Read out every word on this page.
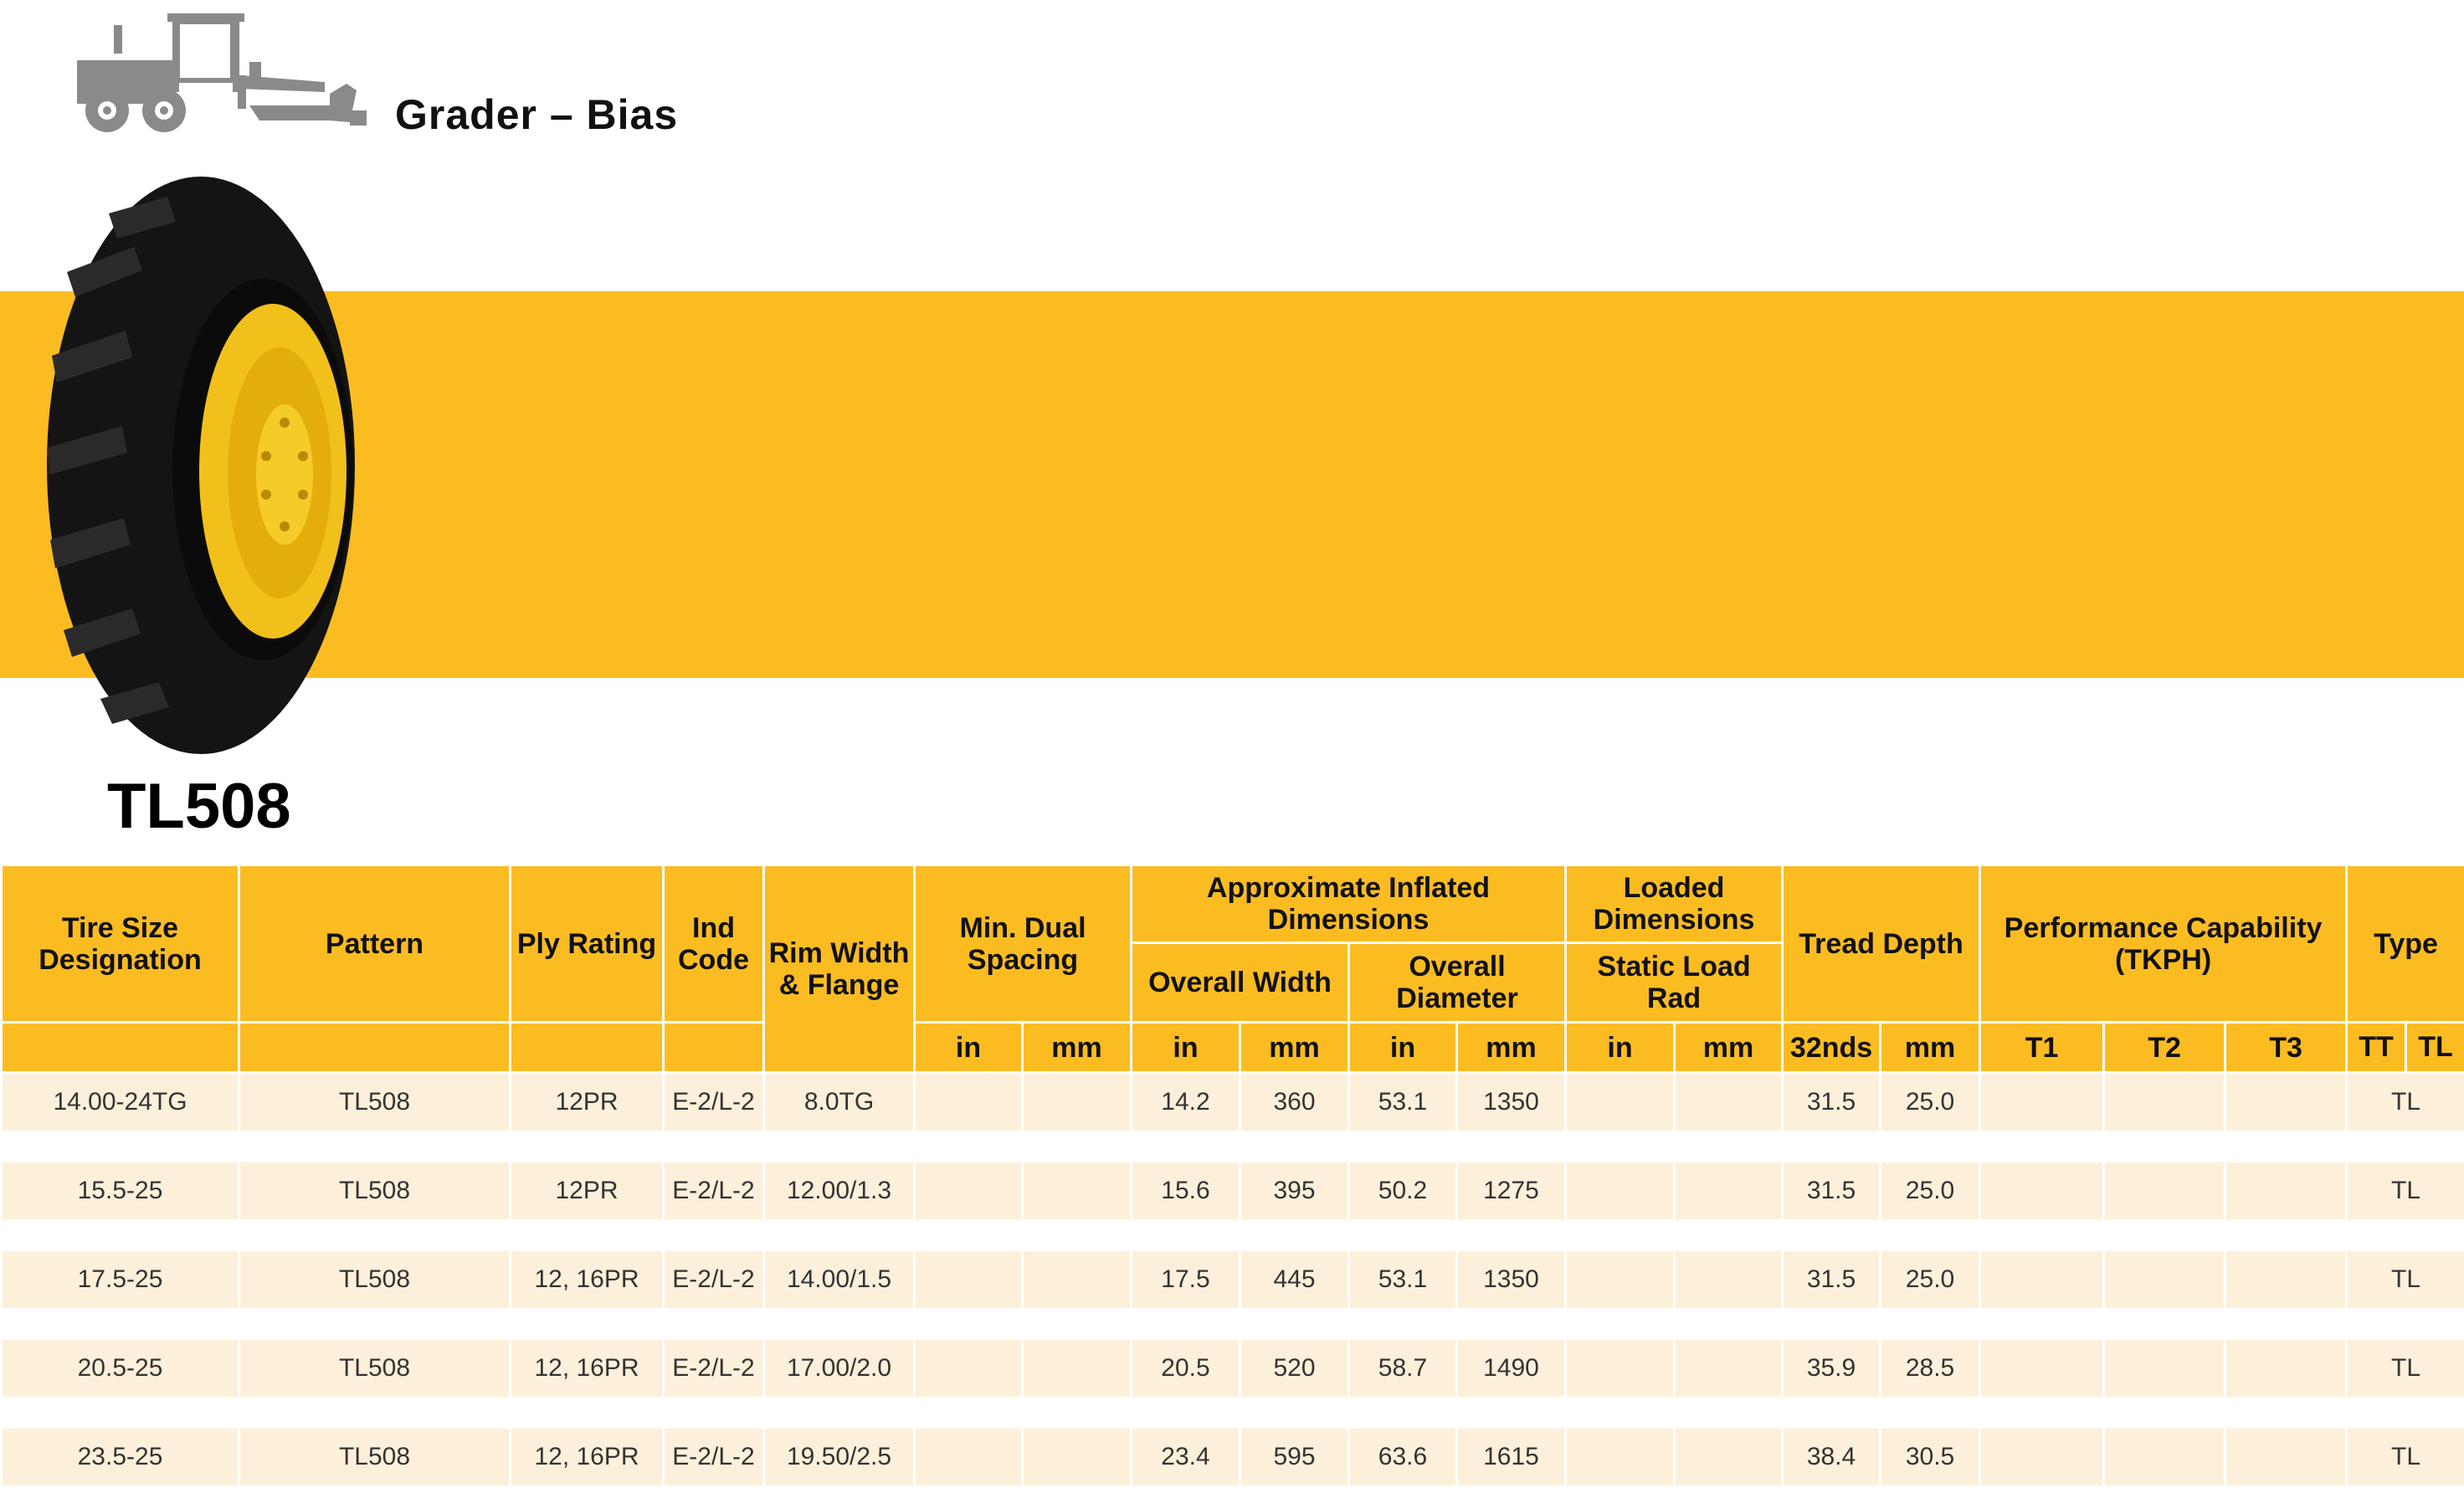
Grader – Bias
TL508
Tire Size Designation	Pattern	Ply Rating	Ind Code	Rim Width & Flange	Min. Dual Spacing		Approximate Inflated Dimensions				Loaded Dimensions		Tread Depth		Performance Capability (TKPH)			Type
							Overall Width		Overall Diameter		Static Load Rad							
					in	mm	in	mm	in	mm	in	mm	32nds	mm	T1	T2	T3	TT TL

14.00-24TG	TL508	12PR	E-2/L-2	8.0TG			14.2	360	53.1	1350			31.5	25.0				TL

15.5-25	TL508	12PR	E-2/L-2	12.00/1.3			15.6	395	50.2	1275			31.5	25.0				TL

17.5-25	TL508	12, 16PR	E-2/L-2	14.00/1.5			17.5	445	53.1	1350			31.5	25.0				TL

20.5-25	TL508	12, 16PR	E-2/L-2	17.00/2.0			20.5	520	58.7	1490			35.9	28.5				TL

23.5-25	TL508	12, 16PR	E-2/L-2	19.50/2.5			23.4	595	63.6	1615			38.4	30.5				TL
